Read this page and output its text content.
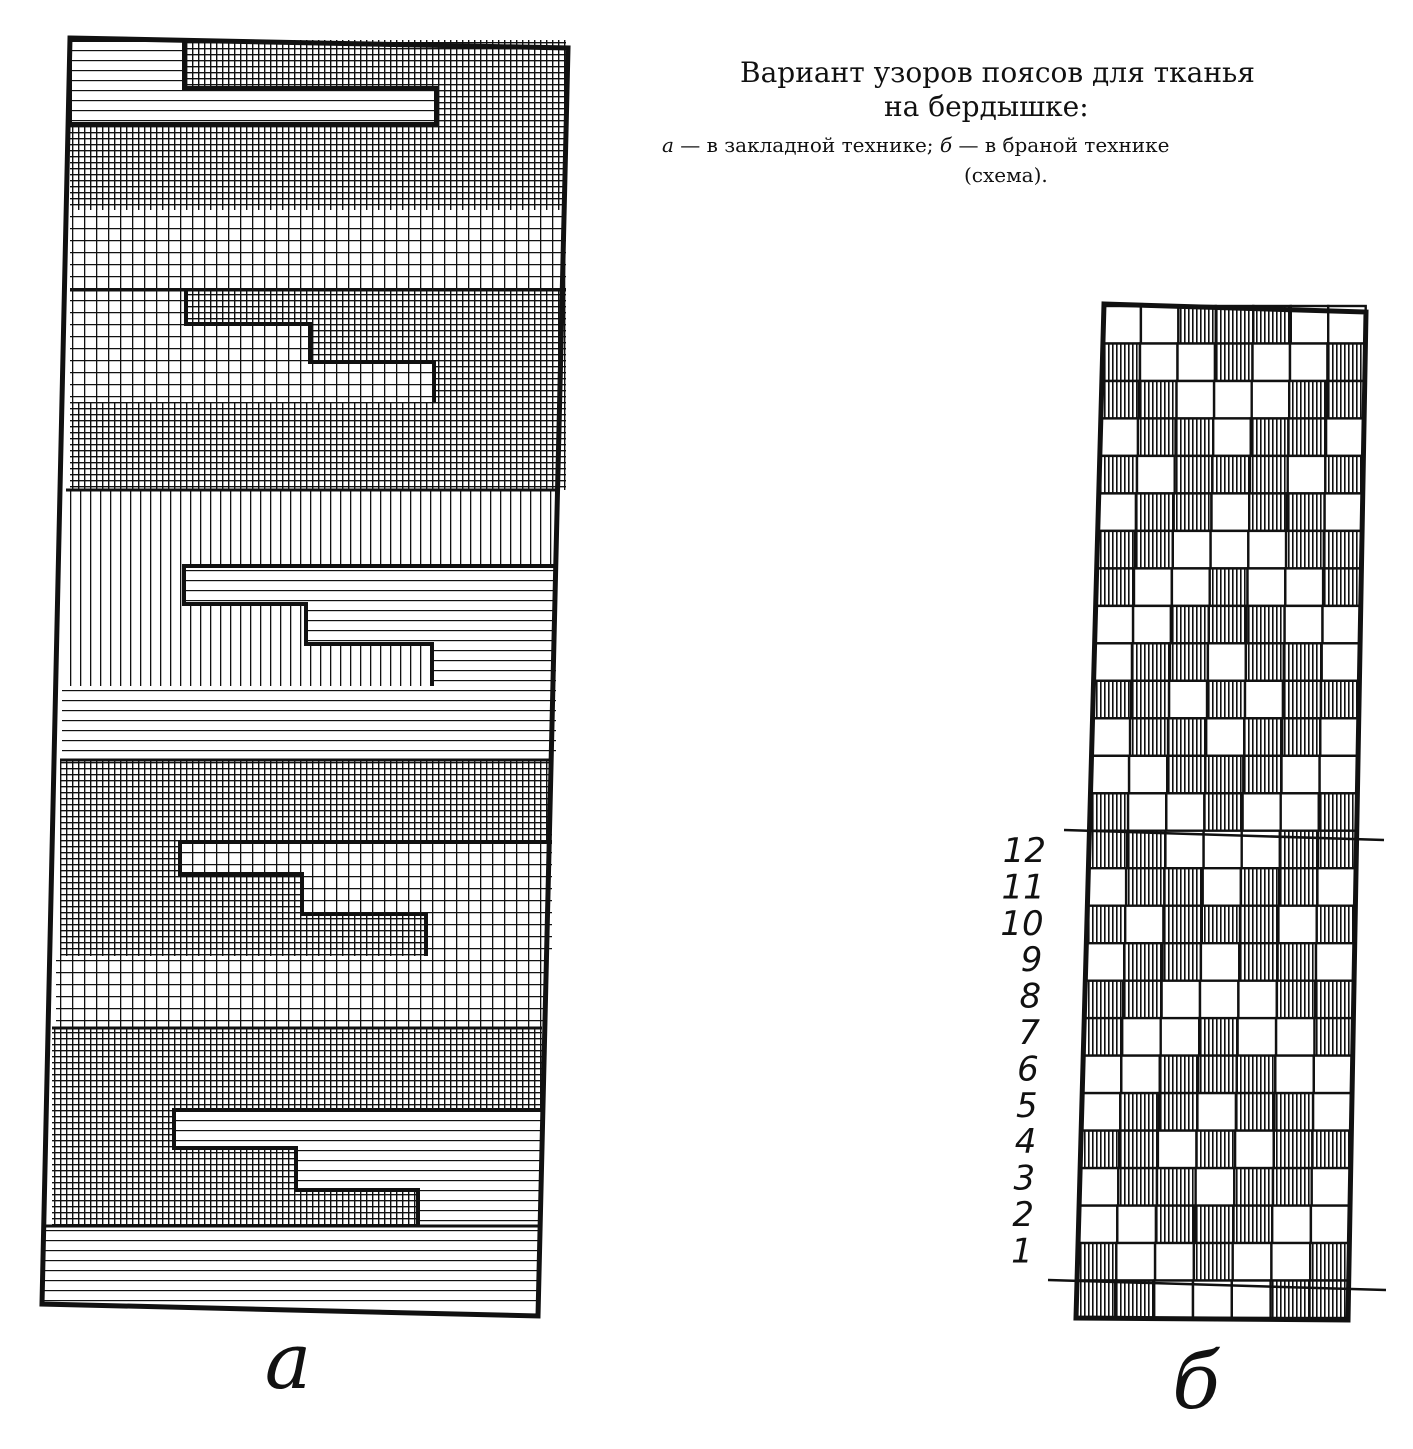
12
11
10
9
8
7
6
5
4
3
2
1
а	б
Вариант узоров поясов для тканья
на бердышке:
а — в закладной технике; б — в браной технике
(схема).
